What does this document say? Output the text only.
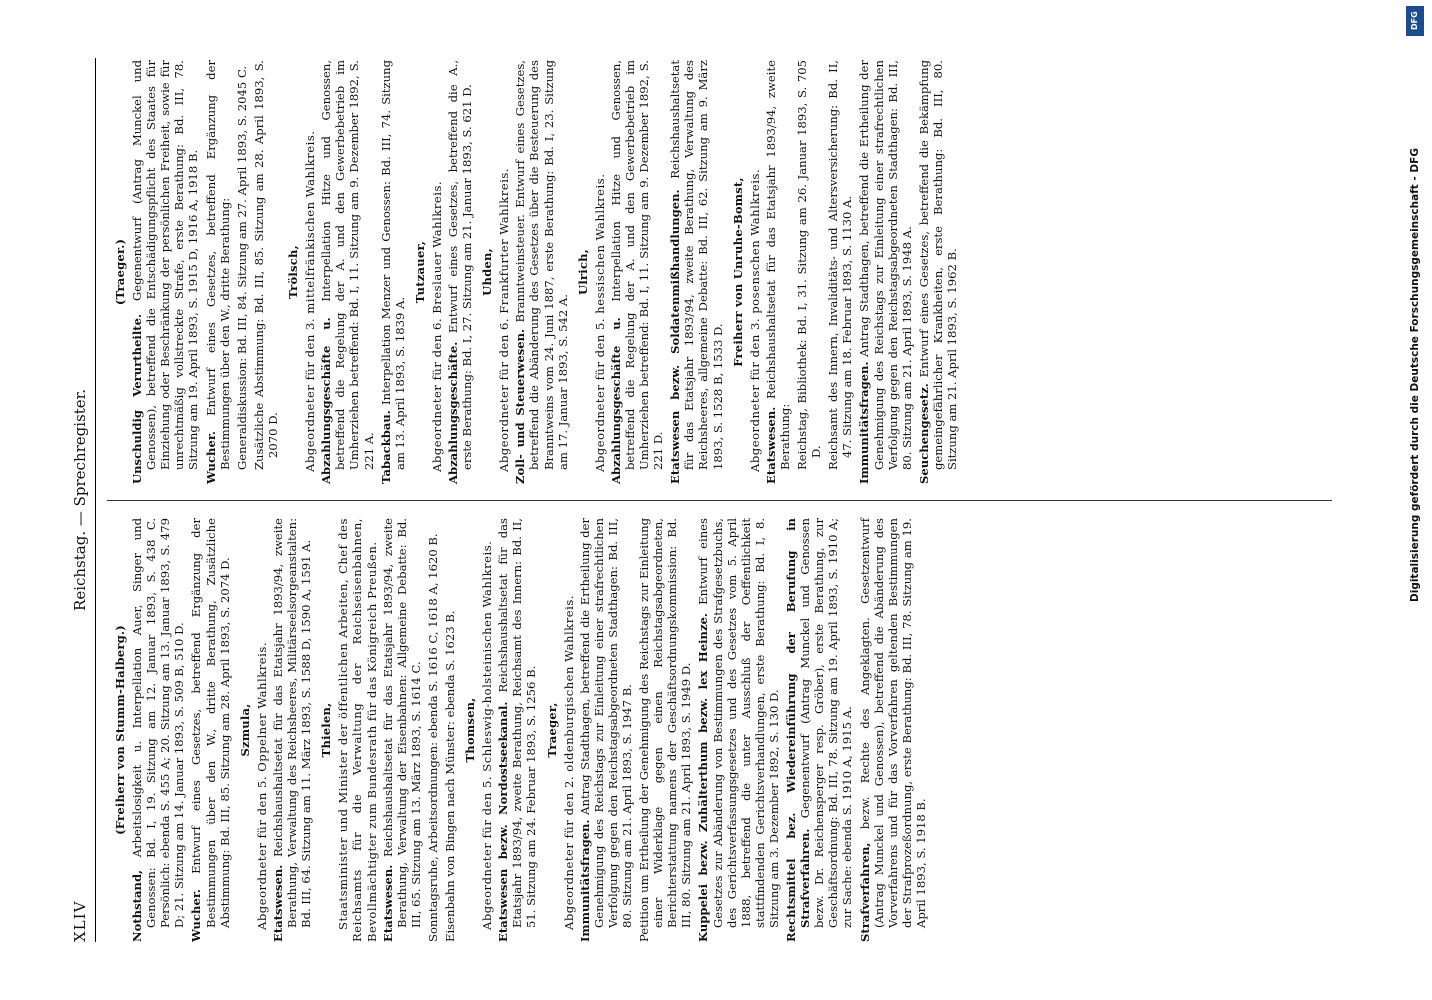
XLIV
Reichstag. — Sprechregister.
(Freiherr von Stumm-Halberg.)
Nothstand, Arbeitslosigkeit u. Interpellation Auer, Singer und Genossen: Bd. I, 19. Sitzung am 12. Januar 1893, S. 438 C. Persönlich: ebenda S. 455 A; 20. Sitzung am 13. Januar 1893, S. 479 D; 21. Sitzung am 14. Januar 1893, S. 509 B, 510 D. Wucher. Entwurf eines Gesetzes, betreffend Ergänzung der Bestimmungen über den W., dritte Berathung, Zusätzliche Abstimmung: Bd. III, 85. Sitzung am 28. April 1893, S. 2074 D. Szmula, Abgeordneter für den 5. Oppelner Wahlkreis. Etatswesen. Reichshaushaltsetat für das Etatsjahr 1893/94, zweite Berathung, Verwaltung des Reichsheeres, Militärseelsorgeanstalten: Bd. III, 64. Sitzung am 11. März 1893, S. 1588 D, 1590 A, 1591 A. Thielen, Staatsminister und Minister der öffentlichen Arbeiten, Chef des Reichsamts für die Verwaltung der Reichseisenbahnen, Bevollmächtigter zum Bundesrath für das Königreich Preußen. Etatswesen. Reichshaushaltsetat für das Etatsjahr 1893/94, zweite Berathung, Verwaltung der Eisenbahnen: Allgemeine Debatte: Bd. III, 65. Sitzung am 13. März 1893, S. 1614 C. Sonntagsruhe, Arbeitsordnungen: ebenda S. 1616 C, 1618 A, 1620 B. Eisenbahn von Bingen nach Münster: ebenda S. 1623 B. Thomsen, Abgeordneter für den 5. Schleswig-holsteinischen Wahlkreis. Etatswesen bezw. Nordostseekanal. Reichshaushaltsetat für das Etatsjahr 1893/94, zweite Berathung, Reichsamt des Innern: Bd. II, 51. Sitzung am 24. Februar 1893, S. 1256 B. Traeger, Abgeordneter für den 2. oldenburgischen Wahlkreis. Immunitätsfragen. Antrag Stadthagen, betreffend die Ertheilung der Genehmigung des Reichstags zur Einleitung einer strafrechtlichen Verfolgung gegen den Reichstagsabgeordneten Stadthagen: Bd. III, 80. Sitzung am 21. April 1893, S. 1947 B. Petition um Ertheilung der Genehmigung des Reichstags zur Einleitung einer Widerklage gegen einen Reichstagsabgeordneten, Berichterstattung namens der Geschäftsordnungskommission: Bd. III, 80. Sitzung am 21. April 1893, S. 1949 D. Kuppelei bezw. Zuhälterthum bezw. lex Heinze. Entwurf eines Gesetzes zur Abänderung von Bestimmungen des Strafgesetzbuchs, des Gerichtsverfassungsgesetzes und des Gesetzes vom 5. April 1888, betreffend die unter Ausschluß der Oeffentlichkeit stattfindenden Gerichtsverhandlungen, erste Berathung: Bd. I, 8. Sitzung am 3. Dezember 1892, S. 130 D. Rechtsmittel bez. Wiedereinführung der Berufung in Strafverfahren. Gegenentwurf (Antrag Munckel und Genossen bezw. Dr. Reichensperger resp. Gröber), erste Berathung, zur Geschäftsordnung: Bd. III, 78. Sitzung am 19. April 1893, S. 1910 A; zur Sache: ebenda S. 1910 A, 1915 A. Strafverfahren, bezw. Rechte des Angeklagten. Gesetzentwurf (Antrag Munckel und Genossen), betreffend die Abänderung des Vorverfahrens und für das Vorverfahren geltenden Bestimmungen der Strafprozeßordnung, erste Berathung: Bd. III, 78. Sitzung am 19. April 1893, S. 1918 B.
(Traeger.)
Unschuldig Verurtheilte. Gegenentwurf (Antrag Munckel und Genossen), betreffend die Entschädigungspflicht des Staates für Einziehung oder Beschränkung der persönlichen Freiheit, sowie für unrechtmäßig vollstreckte Strafe, erste Berathung: Bd. III, 78. Sitzung am 19. April 1893, S. 1915 D, 1916 A, 1918 B. Wucher. Entwurf eines Gesetzes, betreffend Ergänzung der Bestimmungen über den W., dritte Berathung: Generaldiskussion: Bd. III, 84. Sitzung am 27. April 1893, S. 2045 C. Zusätzliche Abstimmung: Bd. III, 85. Sitzung am 28. April 1893, S. 2070 D.
Trölsch, Abgeordneter für den 3. mittelfränkischen Wahlkreis. Abzahlungsgeschäfte u. Interpellation Hitze und Genossen, betreffend die Regelung der A. und den Gewerbebetrieb im Umherziehen betreffend: Bd. I, 11. Sitzung am 9. Dezember 1892, S. 221 A. Tabackbau. Interpellation Menzer und Genossen: Bd. III, 74. Sitzung am 13. April 1893, S. 1839 A.
Tutzauer, Abgeordneter für den 6. Breslauer Wahlkreis. Abzahlungsgeschäfte. Entwurf eines Gesetzes, betreffend die A., erste Berathung: Bd. I, 27. Sitzung am 21. Januar 1893, S. 621 D. Uhden, Abgeordneter für den 6. Frankfurter Wahlkreis. Zoll- und Steuerwesen. Branntweinsteuer. Entwurf eines Gesetzes, betreffend die Abänderung des Gesetzes über die Besteuerung des Branntweins vom 24. Juni 1887, erste Berathung: Bd. I, 23. Sitzung am 17. Januar 1893, S. 542 A.
Ulrich, Abgeordneter für den 5. hessischen Wahlkreis. Abzahlungsgeschäfte u. Interpellation Hitze und Genossen, betreffend die Regelung der A. und den Gewerbebetrieb im Umherziehen betreffend: Bd. I, 11. Sitzung am 9. Dezember 1892, S. 221 D. Etatswesen bezw. Soldatenmißhandlungen. Reichshaushaltsetat für das Etatsjahr 1893/94, zweite Berathung, Verwaltung des Reichsheeres, allgemeine Debatte: Bd. III, 62. Sitzung am 9. März 1893, S. 1528 B, 1533 D.
Freiherr von Unruhe-Bomst, Abgeordneter für den 3. posenschen Wahlkreis. Etatswesen. Reichshaushaltsetat für das Etatsjahr 1893/94, zweite Berathung: Reichstag, Bibliothek: Bd. I, 31. Sitzung am 26. Januar 1893, S. 705 D. Reichsamt des Innern, Invaliditäts- und Altersversicherung: Bd. II, 47. Sitzung am 18. Februar 1893, S. 1130 A. Immunitätsfragen. Antrag Stadthagen, betreffend die Ertheilung der Genehmigung des Reichstags zur Einleitung einer strafrechtlichen Verfolgung gegen den Reichstagsabgeordneten Stadthagen: Bd. III, 80. Sitzung am 21. April 1893, S. 1948 A. Seuchengesetz. Entwurf eines Gesetzes, betreffend die Bekämpfung gemeingefährlicher Krankheiten, erste Berathung: Bd. III, 80. Sitzung am 21. April 1893, S. 1962 B.
DFG
Digitalisierung gefördert durch die Deutsche Forschungsgemeinschaft - DFG
